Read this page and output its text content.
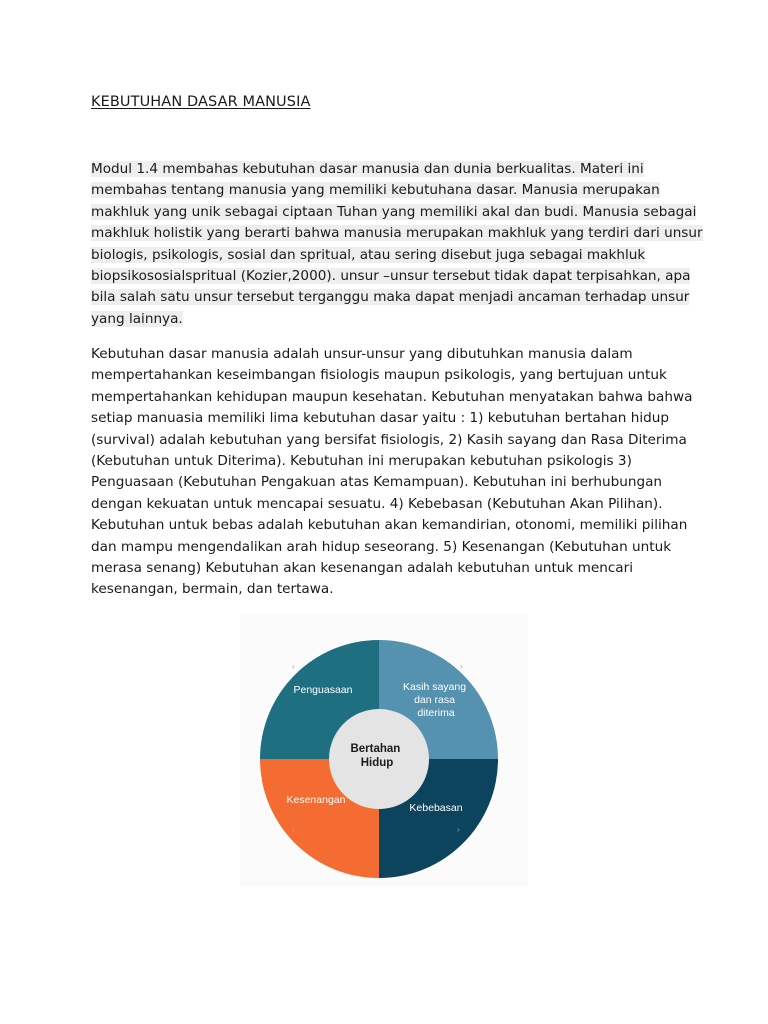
KEBUTUHAN DASAR MANUSIA
Modul 1.4 membahas kebutuhan dasar manusia dan dunia berkualitas. Materi ini
membahas tentang manusia yang memiliki kebutuhana dasar. Manusia merupakan
makhluk yang unik sebagai ciptaan Tuhan yang memiliki akal dan budi. Manusia sebagai
makhluk holistik yang berarti bahwa manusia merupakan makhluk yang terdiri dari unsur
biologis, psikologis, sosial dan spritual, atau sering disebut juga sebagai makhluk
biopsikososialspritual (Kozier,2000). unsur –unsur tersebut tidak dapat terpisahkan, apa
bila salah satu unsur tersebut terganggu maka dapat menjadi ancaman terhadap unsur
yang lainnya.
Kebutuhan dasar manusia adalah unsur-unsur yang dibutuhkan manusia dalam
mempertahankan keseimbangan fisiologis maupun psikologis, yang bertujuan untuk
mempertahankan kehidupan maupun kesehatan. Kebutuhan menyatakan bahwa bahwa
setiap manuasia memiliki lima kebutuhan dasar yaitu : 1) kebutuhan bertahan hidup
(survival) adalah kebutuhan yang bersifat fisiologis, 2) Kasih sayang dan Rasa Diterima
(Kebutuhan untuk Diterima). Kebutuhan ini merupakan kebutuhan psikologis 3)
Penguasaan (Kebutuhan Pengakuan atas Kemampuan). Kebutuhan ini berhubungan
dengan kekuatan untuk mencapai sesuatu. 4) Kebebasan (Kebutuhan Akan Pilihan).
Kebutuhan untuk bebas adalah kebutuhan akan kemandirian, otonomi, memiliki pilihan
dan mampu mengendalikan arah hidup seseorang. 5) Kesenangan (Kebutuhan untuk
merasa senang) Kebutuhan akan kesenangan adalah kebutuhan untuk mencari
kesenangan, bermain, dan tertawa.
‹	›
›
‹
Bertahan Hidup
Penguasaan	Kasih sayang dan rasa diterima
Kebebasan
Kesenangan
